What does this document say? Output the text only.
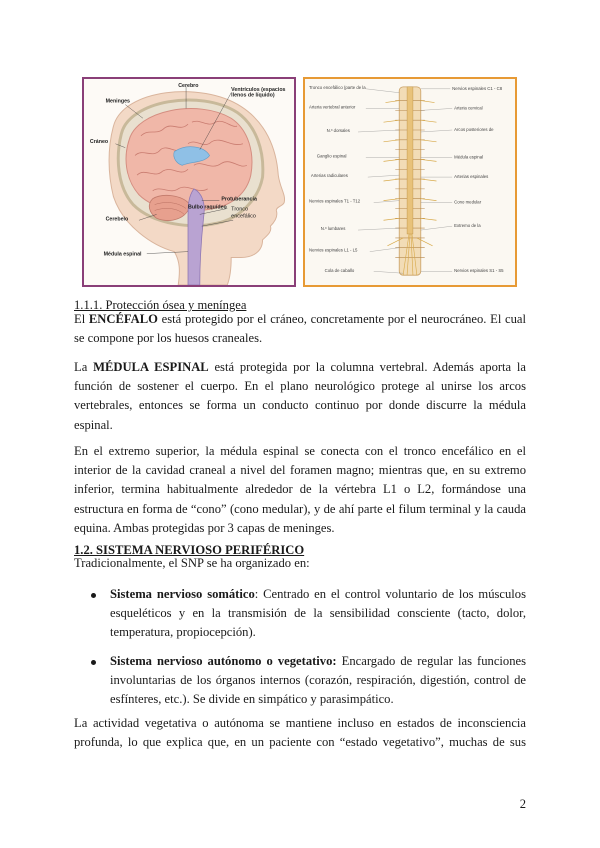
Cerebro
Ventrículos (espacios
llenos de líquido)
Meninges
Cráneo
Protuberancia
Bulbo raquídeo Tronco
encefálico
Cerebelo
Médula espinal
Tronco encefálico (parte de la
Arteria vertebral anterior
N.º dorsales
Ganglio espinal
Arterias radiculares
Nervios espinales T1 - T12
N.º lumbares
Nervios espinales L1 - L5
Cola de caballo
Nervios espinales C1 - C8
Arteria cervical
Arcos posteriores de
Médula espinal
Arterias espinales
Cono medular
Extremo de la
Nervios espinales S1 - S5
1.1.1. Protección ósea y meníngea

El ENCÉFALO está protegido por el cráneo, concretamente por el neurocráneo. El cual se compone por los huesos craneales.

La MÉDULA ESPINAL está protegida por la columna vertebral. Además aporta la función de sostener el cuerpo. En el plano neurológico protege al unirse los arcos vertebrales, entonces se forma un conducto continuo por donde discurre la médula espinal.

En el extremo superior, la médula espinal se conecta con el tronco encefálico en el interior de la cavidad craneal a nivel del foramen magno; mientras que, en su extremo inferior, termina habitualmente alrededor de la vértebra L1 o L2, formándose una estructura en forma de “cono” (cono medular), y de ahí parte el filum terminal y la cauda equina. Ambas protegidas por 3 capas de meninges.

1.2. SISTEMA NERVIOSO PERIFÉRICO

Tradicionalmente, el SNP se ha organizado en:

Sistema nervioso somático: Centrado en el control voluntario de los músculos esqueléticos y en la transmisión de la sensibilidad consciente (tacto, dolor, temperatura, propiocepción).
Sistema nervioso autónomo o vegetativo: Encargado de regular las funciones involuntarias de los órganos internos (corazón, respiración, digestión, control de esfínteres, etc.). Se divide en simpático y parasimpático.

La actividad vegetativa o autónoma se mantiene incluso en estados de inconsciencia profunda, lo que explica que, en un paciente con “estado vegetativo”, muchas de sus

2
